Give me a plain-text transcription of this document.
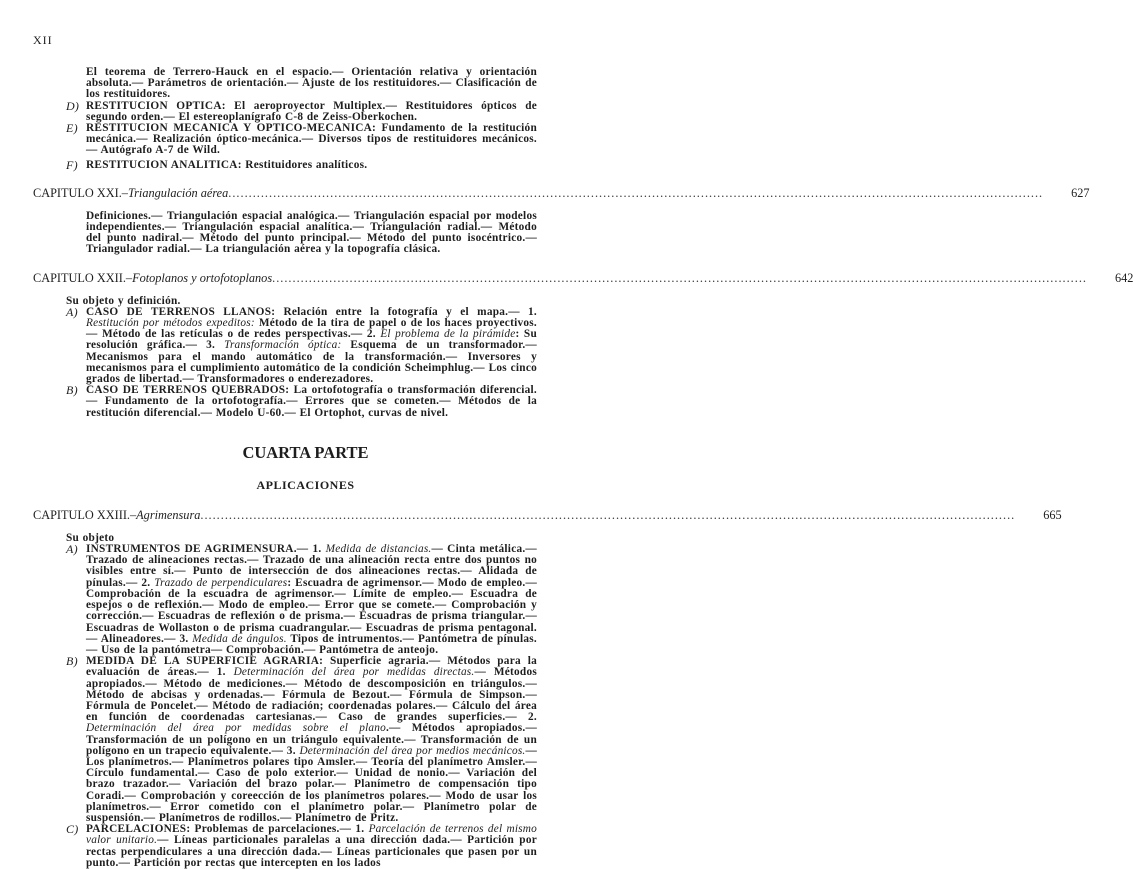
XII
El teorema de Terrero-Hauck en el espacio.— Orientación relativa y orientación absoluta.— Parámetros de orientación.— Ajuste de los restituidores.— Clasificación de los restituidores.
D) RESTITUCION OPTICA: El aeroproyector Multiplex.— Restituidores ópticos de segundo orden.— El estereoplanígrafo C-8 de Zeiss-Oberkochen.
E) RESTITUCION MECANICA Y OPTICO-MECANICA: Fundamento de la restitución mecánica.— Realización óptico-mecánica.— Diversos tipos de restituidores mecánicos.— Autógrafo A-7 de Wild.
F) RESTITUCION ANALITICA: Restituidores analíticos.
CAPITULO XXI.– Triangulación aérea ........................................................................................................................................................................................................ 627
Definiciones.— Triangulación espacial analógica.— Triangulación espacial por modelos independientes.— Triangulación espacial analítica.— Triangulación radial.— Método del punto nadiral.— Método del punto principal.— Método del punto isocéntrico.— Triangulador radial.— La triangulación aérea y la topografía clásica.
CAPITULO XXII.– Fotoplanos y ortofotoplanos ........................................................................................................................................................................................................ 642
Su objeto y definición.
A) CASO DE TERRENOS LLANOS: Relación entre la fotografía y el mapa.— 1. Restitución por métodos expeditos: Método de la tira de papel o de los haces proyectivos.— Método de las retículas o de redes perspectivas.— 2. El problema de la pirámide: Su resolución gráfica.— 3. Transformación óptica: Esquema de un transformador.— Mecanismos para el mando automático de la transformación.— Inversores y mecanismos para el cumplimiento automático de la condición Scheimphlug.— Los cinco grados de libertad.— Transformadores o enderezadores.
B) CASO DE TERRENOS QUEBRADOS: La ortofotografía o transformación diferencial.— Fundamento de la ortofotografía.— Errores que se cometen.— Métodos de la restitución diferencial.— Modelo U-60.— El Ortophot, curvas de nivel.
CUARTA PARTE
APLICACIONES
CAPITULO XXIII.– Agrimensura ........................................................................................................................................................................................................ 665
Su objeto
A) INSTRUMENTOS DE AGRIMENSURA.— 1. Medida de distancias.— Cinta metálica.— Trazado de alineaciones rectas.— Trazado de una alineación recta entre dos puntos no visibles entre sí.— Punto de intersección de dos alineaciones rectas.— Alidada de pínulas.— 2. Trazado de perpendiculares: Escuadra de agrimensor.— Modo de empleo.— Comprobación de la escuadra de agrimensor.— Límite de empleo.— Escuadra de espejos o de reflexión.— Modo de empleo.— Error que se comete.— Comprobación y corrección.— Escuadras de reflexión o de prisma.— Escuadras de prisma triangular.— Escuadras de Wollaston o de prisma cuadrangular.— Escuadras de prisma pentagonal.— Alineadores.— 3. Medida de ángulos. Tipos de intrumentos.— Pantómetra de pínulas.— Uso de la pantómetra— Comprobación.— Pantómetra de anteojo.
B) MEDIDA DE LA SUPERFICIE AGRARIA: Superficie agraria.— Métodos para la evaluación de áreas.— 1. Determinación del área por medidas directas.— Métodos apropiados.— Método de mediciones.— Método de descomposición en triángulos.— Método de abcisas y ordenadas.— Fórmula de Bezout.— Fórmula de Simpson.— Fórmula de Poncelet.— Método de radiación; coordenadas polares.— Cálculo del área en función de coordenadas cartesianas.— Caso de grandes superficies.— 2. Determinación del área por medidas sobre el plano.— Métodos apropiados.— Transformación de un polígono en un triángulo equivalente.— Transformación de un polígono en un trapecio equivalente.— 3. Determinación del área por medios mecánicos.— Los planímetros.— Planímetros polares tipo Amsler.— Teoría del planímetro Amsler.— Círculo fundamental.— Caso de polo exterior.— Unidad de nonio.— Variación del brazo trazador.— Variación del brazo polar.— Planímetro de compensación tipo Coradi.— Comprobación y coreección de los planímetros polares.— Modo de usar los planímetros.— Error cometido con el planímetro polar.— Planímetro polar de suspensión.— Planímetros de rodillos.— Planímetro de Pritz.
C) PARCELACIONES: Problemas de parcelaciones.— 1. Parcelación de terrenos del mismo valor unitario.— Líneas particionales paralelas a una dirección dada.— Partición por rectas perpendiculares a una dirección dada.— Líneas particionales que pasen por un punto.— Partición por rectas que intercepten en los lados
